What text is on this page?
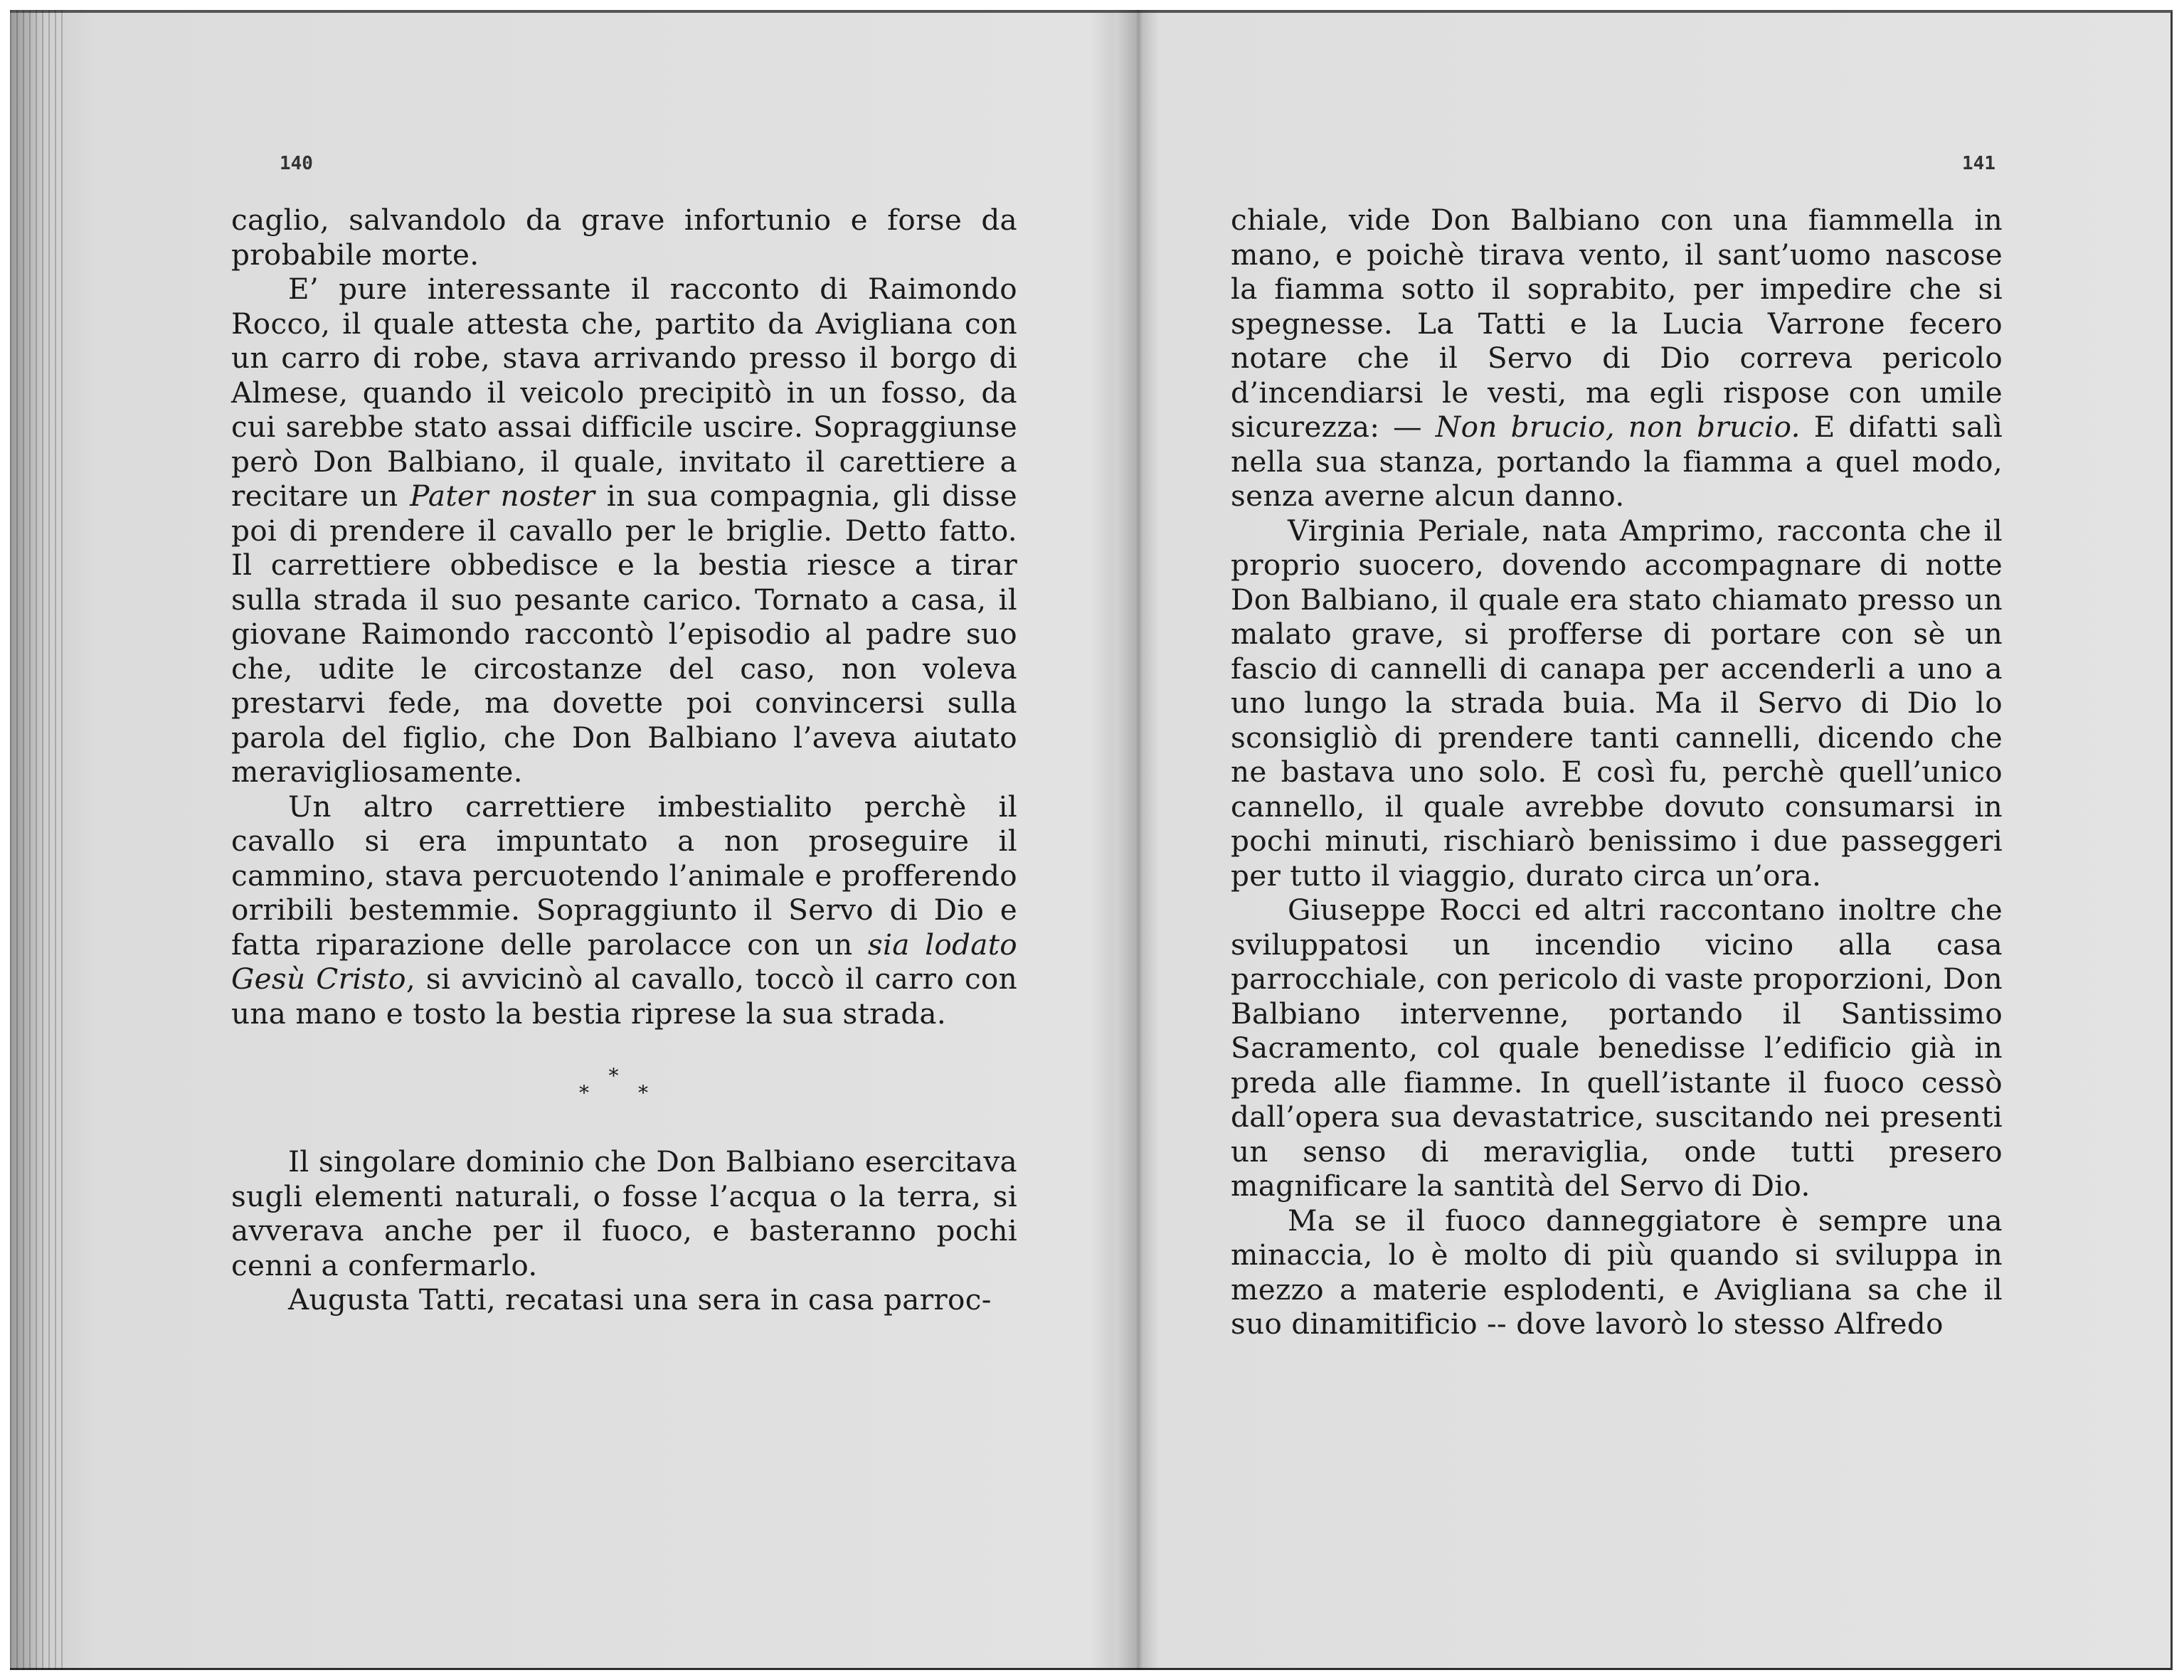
140

caglio, salvandolo da grave infortunio e forse da probabile morte.

E’ pure interessante il racconto di Raimondo Rocco, il quale attesta che, partito da Avigliana con un carro di robe, stava arrivando presso il borgo di Almese, quando il veicolo precipitò in un fosso, da cui sarebbe stato assai difficile uscire. Sopraggiunse però Don Balbiano, il quale, invitato il carettiere a recitare un Pater noster in sua compagnia, gli disse poi di prendere il cavallo per le briglie. Detto fatto. Il carrettiere obbedisce e la bestia riesce a tirar sulla strada il suo pesante carico. Tornato a casa, il giovane Raimondo raccontò l’episodio al padre suo che, udite le circostanze del caso, non voleva prestarvi fede, ma dovette poi convincersi sulla parola del figlio, che Don Balbiano l’aveva aiutato meravigliosamente.

Un altro carrettiere imbestialito perchè il cavallo si era impuntato a non proseguire il cammino, stava percuotendo l’animale e profferendo orribili bestemmie. Sopraggiunto il Servo di Dio e fatta riparazione delle parolacce con un sia lodato Gesù Cristo, si avvicinò al cavallo, toccò il carro con una mano e tosto la bestia riprese la sua strada.

*
* *

Il singolare dominio che Don Balbiano esercitava sugli elementi naturali, o fosse l’acqua o la terra, si avverava anche per il fuoco, e basteranno pochi cenni a confermarlo.

Augusta Tatti, recatasi una sera in casa parroc-

141

chiale, vide Don Balbiano con una fiammella in mano, e poichè tirava vento, il sant’uomo nascose la fiamma sotto il soprabito, per impedire che si spegnesse. La Tatti e la Lucia Varrone fecero notare che il Servo di Dio correva pericolo d’incendiarsi le vesti, ma egli rispose con umile sicurezza: — Non brucio, non brucio. E difatti salì nella sua stanza, portando la fiamma a quel modo, senza averne alcun danno.

Virginia Periale, nata Amprimo, racconta che il proprio suocero, dovendo accompagnare di notte Don Balbiano, il quale era stato chiamato presso un malato grave, si profferse di portare con sè un fascio di cannelli di canapa per accenderli a uno a uno lungo la strada buia. Ma il Servo di Dio lo sconsigliò di prendere tanti cannelli, dicendo che ne bastava uno solo. E così fu, perchè quell’unico cannello, il quale avrebbe dovuto consumarsi in pochi minuti, rischiarò benissimo i due passeggeri per tutto il viaggio, durato circa un’ora.

Giuseppe Rocci ed altri raccontano inoltre che sviluppatosi un incendio vicino alla casa parrocchiale, con pericolo di vaste proporzioni, Don Balbiano intervenne, portando il Santissimo Sacramento, col quale benedisse l’edificio già in preda alle fiamme. In quell’istante il fuoco cessò dall’opera sua devastatrice, suscitando nei presenti un senso di meraviglia, onde tutti presero magnificare la santità del Servo di Dio.

Ma se il fuoco danneggiatore è sempre una minaccia, lo è molto di più quando si sviluppa in mezzo a materie esplodenti, e Avigliana sa che il suo dinamitificio -- dove lavorò lo stesso Alfredo
